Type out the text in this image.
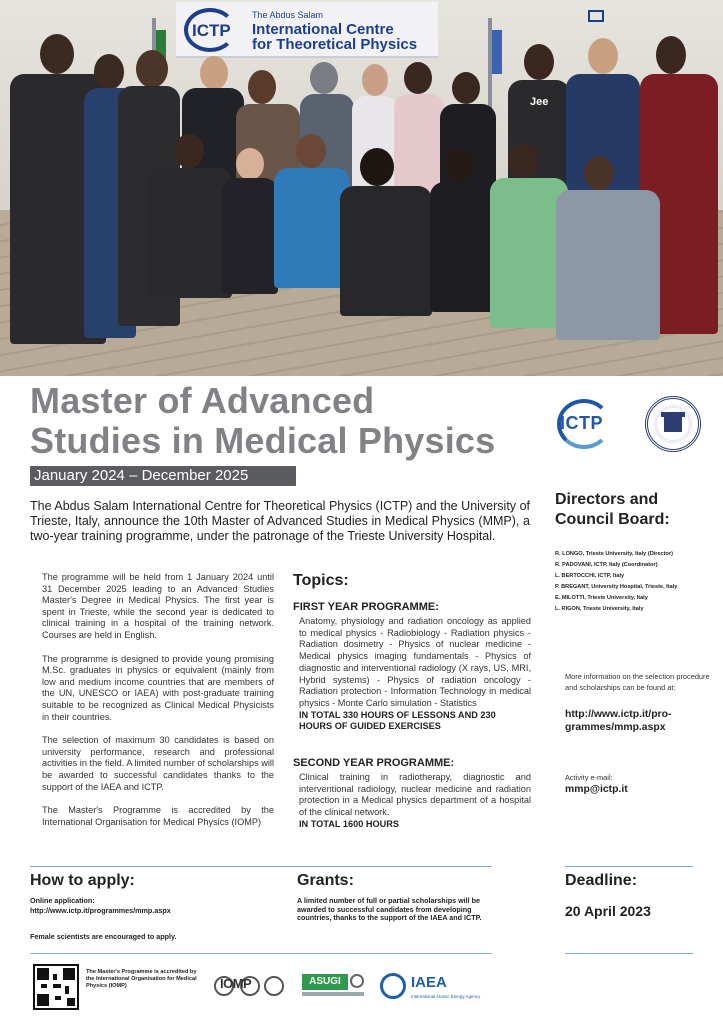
ICTP
The Abdus Salam
International Centre
for Theoretical Physics
Jee
Master of Advanced
Studies in Medical Physics
January 2024 – December 2025
ICTP

The Abdus Salam International Centre for Theoretical Physics (ICTP) and the University of Trieste, Italy, announce the 10th Master of Advanced Studies in Medical Physics (MMP), a two-year training programme, under the patronage of the Trieste University Hospital.

Directors and Council Board:
R. LONGO, Trieste University, Italy (Director)
R. PADOVANI, ICTP, Italy (Coordinator)
L. BERTOCCHI, ICTP, Italy
P. BREGANT, University Hospital, Trieste, Italy
E. MILOTTI, Trieste University, Italy
L. RIGON, Trieste University, Italy

The programme will be held from 1 January 2024 until 31 December 2025 leading to an Advanced Studies Master's Degree in Medical Physics. The first year is spent in Trieste, while the second year is dedicated to clinical training in a hospital of the training network. Courses are held in English.

The programme is designed to provide young promising M.Sc. graduates in physics or equivalent (mainly from low and medium income countries that are members of the UN, UNESCO or IAEA) with post-graduate training suitable to be recognized as Clinical Medical Physicists in their countries.

The selection of maximum 30 candidates is based on university performance, research and professional activities in the field. A limited number of scholarships will be awarded to successful candidates thanks to the support of the IAEA and ICTP.

The Master's Programme is accredited by the International Organisation for Medical Physics (IOMP)

Topics:
FIRST YEAR PROGRAMME:

Anatomy, physiology and radiation oncology as applied to medical physics - Radiobiology - Radiation physics - Radiation dosimetry - Physics of nuclear medicine - Medical physics imaging fundamentals - Physics of diagnostic and interventional radiology (X rays, US, MRI, Hybrid systems) - Physics of radiation oncology - Radiation protection - Information Technology in medical physics - Monte Carlo simulation - Statistics

IN TOTAL 330 HOURS OF LESSONS AND 230 HOURS OF GUIDED EXERCISES

SECOND YEAR PROGRAMME:

Clinical training in radiotherapy, diagnostic and interventional radiology, nuclear medicine and radiation protection in a Medical physics department of a hospital of the clinical network.

IN TOTAL 1600 HOURS

More information on the selection procedure and scholarships can be found at:
http://www.ictp.it/pro-
grammes/mmp.aspx
Activity e-mail:
mmp@ictp.it
How to apply:
Online application:
http://www.ictp.it/programmes/mmp.aspx
Female scientists are encouraged to apply.
Grants:
A limited number of full or partial scholarships will be awarded to successful candidates from developing countries, thanks to the support of the IAEA and ICTP.
Deadline:
20 April 2023
The Master's Programme is accredited by the International Organisation for Medical Physics (IOMP)	IOMP	ASUGI	IAEA
International Atomic Energy Agency
